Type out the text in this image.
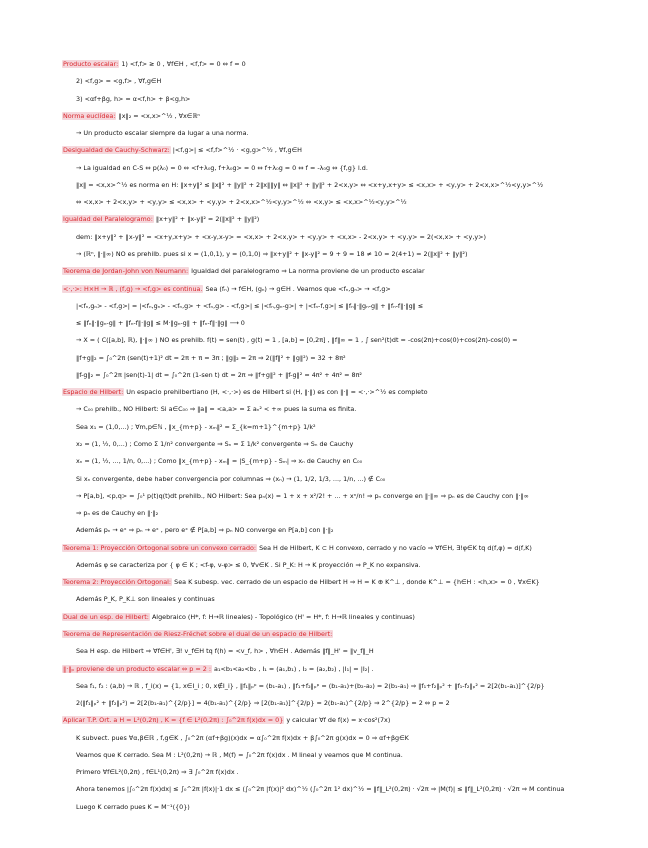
Producto escalar: 1) <f,f> ≥ 0 , ∀f∈H , <f,f> = 0 ⇔ f = 0
2) <f,g> = <g,f> , ∀f,g∈H
3) <αf+βg, h> = α<f,h> + β<g,h>
Norma euclídea: ‖x‖₂ = <x,x>^½ , ∀x∈ℝⁿ
→ Un producto escalar siempre da lugar a una norma.
Desigualdad de Cauchy-Schwarz: |<f,g>| ≤ <f,f>^½ · <g,g>^½ , ∀f,g∈H
→ La igualdad en C-S ⇔ p(λ₀) = 0 ⇔ <f+λ₀g, f+λ₀g> = 0 ⇔ f+λ₀g = 0 ⇔ f = -λ₀g ⇔ {f,g} l.d.
‖x‖ = <x,x>^½ es norma en H: ‖x+y‖² ≤ ‖x‖² + ‖y‖² + 2‖x‖‖y‖ ⇔ ‖x‖² + ‖y‖² + 2<x,y> ⇔ <x+y,x+y> ≤ <x,x> + <y,y> + 2<x,x>^½<y,y>^½
⇔ <x,x> + 2<x,y> + <y,y> ≤ <x,x> + <y,y> + 2<x,x>^½<y,y>^½ ⇔ <x,y> ≤ <x,x>^½<y,y>^½
Igualdad del Paralelogramo: ‖x+y‖² + ‖x-y‖² = 2(‖x‖² + ‖y‖²)
dem: ‖x+y‖² + ‖x-y‖² = <x+y,x+y> + <x-y,x-y> = <x,x> + 2<x,y> + <y,y> + <x,x> - 2<x,y> + <y,y> = 2(<x,x> + <y,y>)
→ (ℝⁿ, ‖·‖∞) NO es prehilb. pues si x = (1,0,1), y = (0,1,0) ⇒ ‖x+y‖² + ‖x-y‖² = 9 + 9 = 18 ≠ 10 = 2(4+1) = 2(‖x‖² + ‖y‖²)
Teorema de Jordan-John von Neumann: Igualdad del paralelogramo ⇒ La norma proviene de un producto escalar
<·,·>: H×H → ℝ , (f,g) → <f,g> es continua. Sea (fₙ) → f∈H, (gₙ) → g∈H . Veamos que <fₙ,gₙ> → <f,g>
|<fₙ,gₙ> - <f,g>| = |<fₙ,gₙ> - <fₙ,g> + <fₙ,g> - <f,g>| ≤ |<fₙ,gₙ-g>| + |<fₙ-f,g>| ≤ ‖fₙ‖·‖gₙ-g‖ + ‖fₙ-f‖·‖g‖ ≤
≤ ‖fₙ‖·‖gₙ-g‖ + ‖fₙ-f‖·‖g‖ ≤ M·‖gₙ-g‖ + ‖fₙ-f‖·‖g‖ ⟶ 0
→ X = ( C([a,b], ℝ), ‖·‖∞ ) NO es prehilb. f(t) = sen(t) , g(t) = 1 , [a,b] = [0,2π] , ‖f‖∞ = 1 , ∫ sen²(t)dt = -cos(2π)+cos(0)+cos(2π)-cos(0) =
‖f+g‖₂ = ∫₀^2π (sen(t)+1)² dt = 2π + π = 3π ; ‖g‖₂ = 2π ⇒ 2(‖f‖² + ‖g‖²) = 32 + 8π²
‖f-g‖₂ = ∫₀^2π |sen(t)-1| dt = ∫₀^2π (1-sen t) dt = 2π ⇒ ‖f+g‖² + ‖f-g‖² = 4π² + 4π² = 8π²
Espacio de Hilbert: Un espacio prehilbertiano (H, <·,·>) es de Hilbert si (H, ‖·‖) es con ‖·‖ = <·,·>^½ es completo
→ C₀₀ prehilb., NO Hilbert: Si a∈C₀₀ ⇒ ‖a‖ = <a,a> = Σ aₙ² < +∞ pues la suma es finita.
Sea x₁ = (1,0,...) ; ∀m,p∈ℕ , ‖x_{m+p} - xₘ‖² = Σ_{k=m+1}^{m+p} 1/k²
x₂ = (1, ½, 0,...) ; Como Σ 1/n² convergente ⇒ Sₙ = Σ 1/k² convergente ⇒ Sₙ de Cauchy
xₙ = (1, ½, ..., 1/n, 0,...) ; Como ‖x_{m+p} - xₘ‖ = |S_{m+p} - Sₘ| ⇒ xₙ de Cauchy en C₀₀
Si xₙ convergente, debe haber convergencia por columnas ⇒ (xₙ) → (1, 1/2, 1/3, ..., 1/n, ...) ∉ C₀₀
→ P[a,b], <p,q> = ∫₀¹ p(t)q(t)dt prehilb., NO Hilbert: Sea pₙ(x) = 1 + x + x²/2! + ... + xⁿ/n! ⇒ pₙ converge en ‖·‖∞ ⇒ pₙ es de Cauchy con ‖·‖∞
⇒ pₙ es de Cauchy en ‖·‖₂
Además pₙ → eˣ ⇒ pₙ → eˣ , pero eˣ ∉ P[a,b] ⇒ pₙ NO converge en P[a,b] con ‖·‖₂
Teorema 1: Proyección Ortogonal sobre un convexo cerrado: Sea H de Hilbert, K ⊂ H convexo, cerrado y no vacío ⇒ ∀f∈H, ∃!φ∈K tq d(f,φ) = d(f,K)
Además φ se caracteriza por { φ ∈ K ; <f-φ, v-φ> ≤ 0, ∀v∈K . Si P_K: H → K proyección ⇒ P_K no expansiva.
Teorema 2: Proyección Ortogonal: Sea K subesp. vec. cerrado de un espacio de Hilbert H ⇒ H = K ⊕ K^⊥ , donde K^⊥ = {h∈H : <h,x> = 0 , ∀x∈K}
Además P_K, P_K⊥ son lineales y continuas
Dual de un esp. de Hilbert: Algebraico (H*, f: H→ℝ lineales) - Topológico (H' = H*, f: H→ℝ lineales y continuas)
Teorema de Representación de Riesz-Fréchet sobre el dual de un espacio de Hilbert:
Sea H esp. de Hilbert ⇒ ∀f∈H', ∃! v_f∈H tq f(h) = <v_f, h> , ∀h∈H . Además ‖f‖_H' = ‖v_f‖_H
‖·‖ₚ proviene de un producto escalar ⇔ p = 2 : a₁<b₁<a₂<b₂ , I₁ = (a₁,b₁) , I₂ = (a₂,b₂) , |I₁| = |I₂| .
Sea f₁, f₂ : (a,b) → ℝ , f_i(x) = {1, x∈I_i ; 0, x∉I_i} , ‖f₁‖ₚᵖ = (b₁-a₁) , ‖f₁+f₂‖ₚᵖ = (b₁-a₁)+(b₂-a₂) = 2(b₁-a₁) ⇒ ‖f₁+f₂‖ₚ² + ‖f₁-f₂‖ₚ² = 2[2(b₁-a₁)]^{2/p}
2(‖f₁‖ₚ² + ‖f₂‖ₚ²) = 2[2(b₁-a₁)^{2/p}] = 4(b₁-a₁)^{2/p} ⇒ [2(b₁-a₁)]^{2/p} = 2(b₁-a₁)^{2/p} ⇒ 2^{2/p} = 2 ⇔ p = 2
Aplicar T.P. Ort. a H = L²(0,2π) , K = {f ∈ L²(0,2π) : ∫₀^2π f(x)dx = 0} y calcular ∀f de f(x) = x·cos²(7x)
K subvect. pues ∀α,β∈ℝ , f,g∈K , ∫₀^2π (αf+βg)(x)dx = α∫₀^2π f(x)dx + β∫₀^2π g(x)dx = 0 ⇒ αf+βg∈K
Veamos que K cerrado. Sea M : L²(0,2π) → ℝ , M(f) = ∫₀^2π f(x)dx . M lineal y veamos que M continua.
Primero ∀f∈L²(0,2π) , f∈L¹(0,2π) ⇒ ∃ ∫₀^2π f(x)dx .
Ahora tenemos |∫₀^2π f(x)dx| ≤ ∫₀^2π |f(x)|·1 dx ≤ (∫₀^2π |f(x)|² dx)^½ (∫₀^2π 1² dx)^½ = ‖f‖_L²(0,2π) · √2π ⇒ |M(f)| ≤ ‖f‖_L²(0,2π) · √2π ⇒ M continua
Luego K cerrado pues K = M⁻¹({0})
